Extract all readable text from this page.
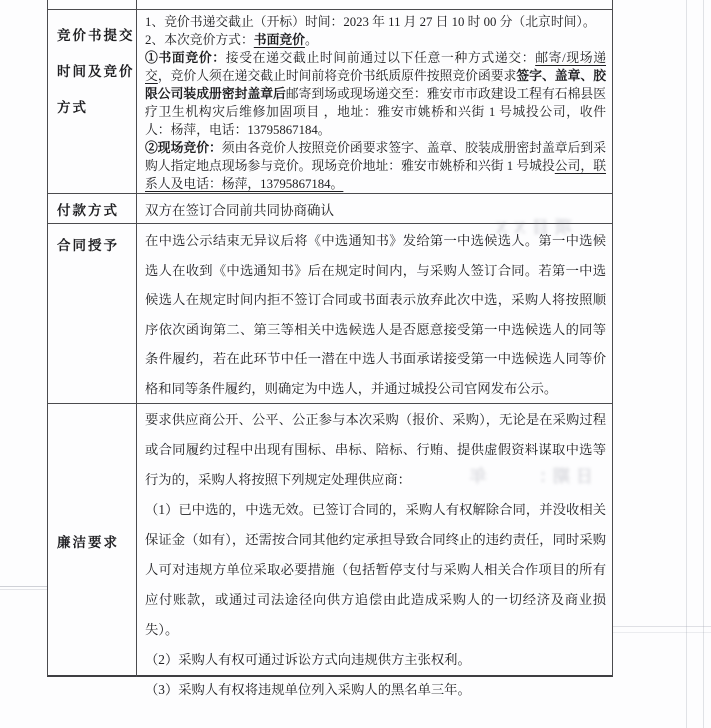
竞价书提交
时间及竞价
方式
1、竞价书递交截止（开标）时间：2023 年 11 月 27 日 10 时 00 分（北京时间）。
2、本次竞价方式：书面竞价。
①书面竞价：接受在递交截止时间前通过以下任意一种方式递交：邮寄/现场递交，竞价人须在递交截止时间前将竞价书纸质原件按照竞价函要求签字、盖章、胶限公司装成册密封盖章后邮寄到场或现场递交至：雅安市市政建设工程有石棉县医疗卫生机构灾后维修加固项目 ，地址：雅安市姚桥和兴街 1 号城投公司，收件人：杨萍，电话：13795867184。
②现场竞价：须由各竞价人按照竞价函要求签字、盖章、胶装成册密封盖章后到采购人指定地点现场参与竞价。现场竞价地址：雅安市姚桥和兴街 1 号城投公司，联系人及电话：杨萍，13795867184。
付款方式 双方在签订合同前共同协商确认
合同授予	在中选公示结束无异议后将《中选通知书》发给第一中选候选人。第一中选候选人在收到《中选通知书》后在规定时间内，与采购人签订合同。若第一中选候选人在规定时间内拒不签订合同或书面表示放弃此次中选，采购人将按照顺序依次函询第二、第三等相关中选候选人是否愿意接受第一中选候选人的同等条件履约，若在此环节中任一潜在中选人书面承诺接受第一中选候选人同等价格和同等条件履约，则确定为中选人，并通过城投公司官网发布公示。
廉洁要求
要求供应商公开、公平、公正参与本次采购（报价、采购），无论是在采购过程或合同履约过程中出现有围标、串标、陪标、行贿、提供虚假资料谋取中选等行为的，采购人将按照下列规定处理供应商：
（1）已中选的，中选无效。已签订合同的，采购人有权解除合同，并没收相关保证金（如有），还需按合同其他约定承担导致合同终止的违约责任，同时采购人可对违规方单位采取必要措施（包括暂停支付与采购人相关合作项目的所有应付账款，或通过司法途径向供方追偿由此造成采购人的一切经济及商业损失）。
（2）采购人有权可通过诉讼方式向违规供方主张权利。
（3）采购人有权将违规单位列入采购人的黑名单三年。
项目XX
日期：　　年
